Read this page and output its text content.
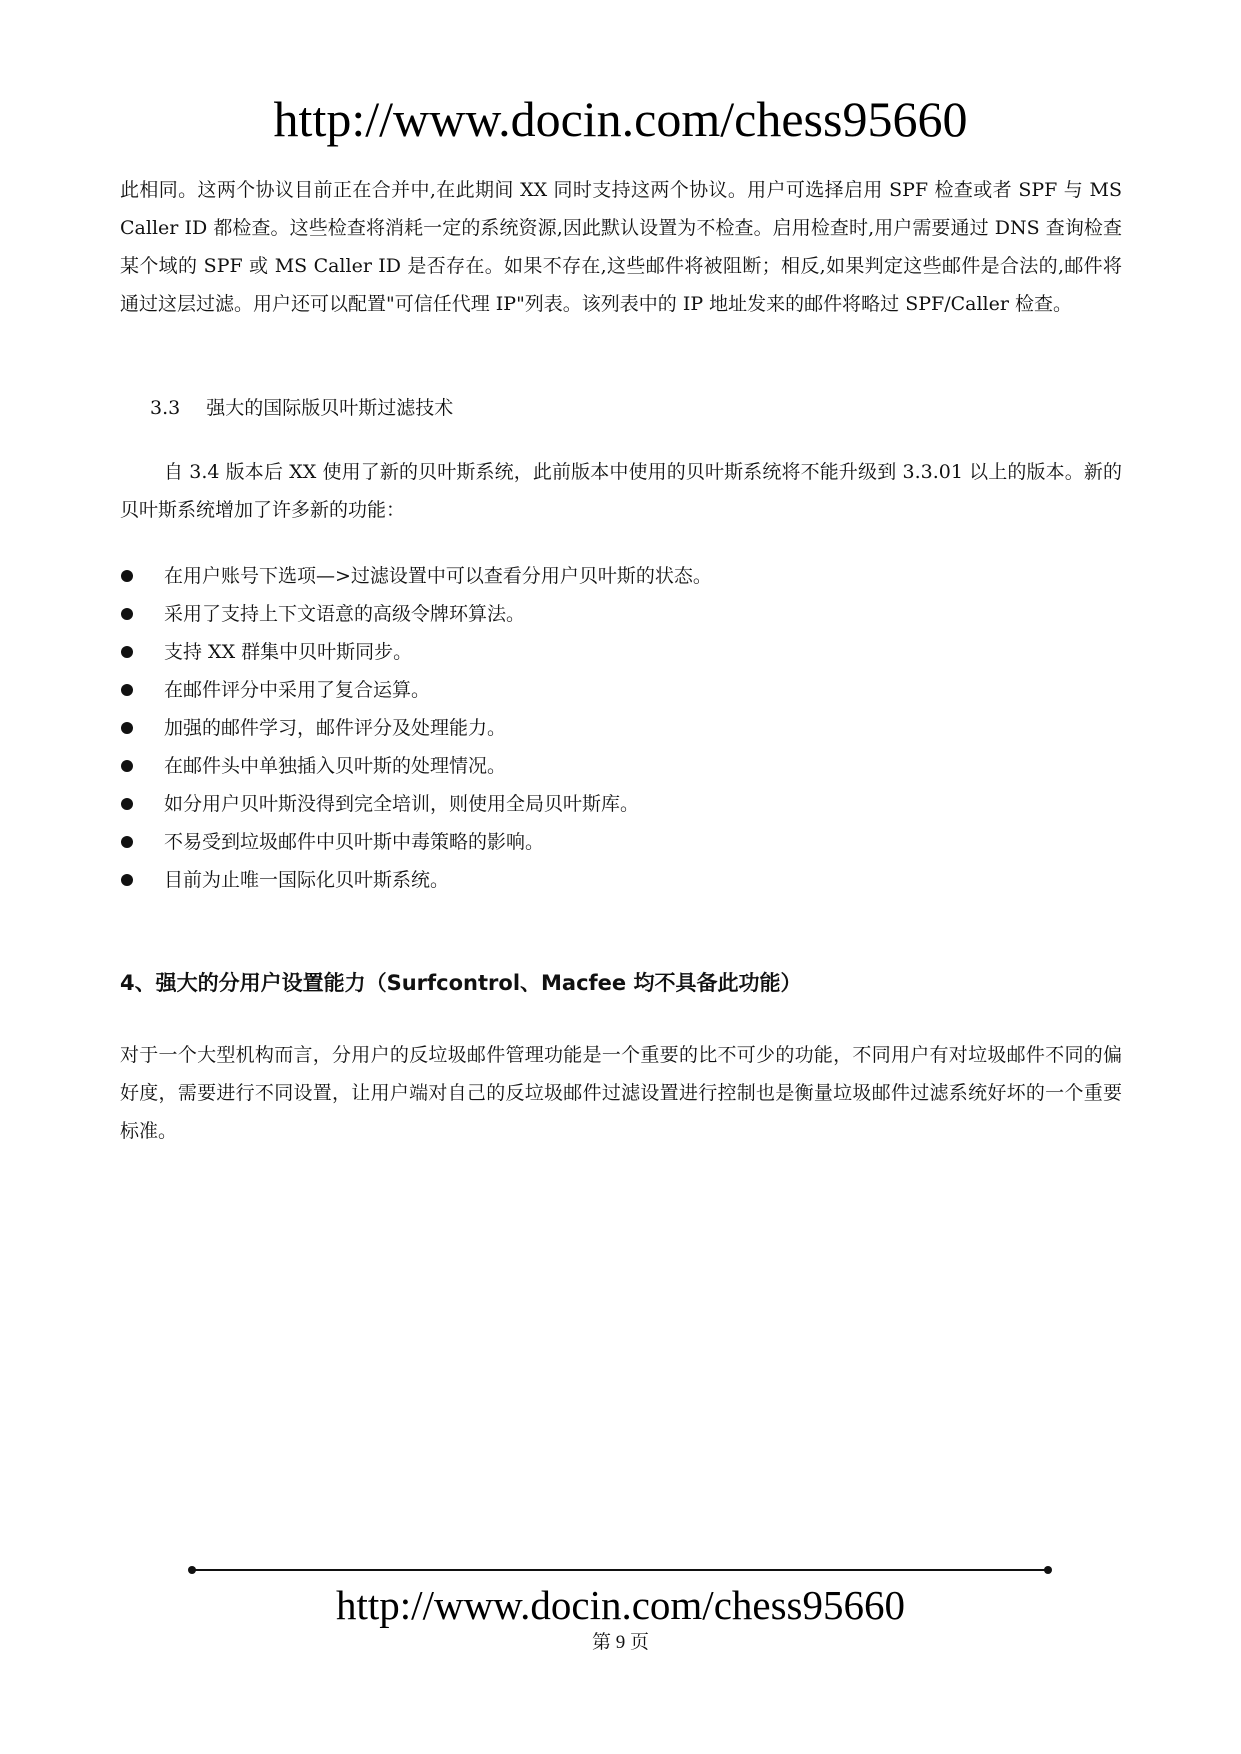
http://www.docin.com/chess95660

此相同。这两个协议目前正在合并中,在此期间 XX 同时支持这两个协议。用户可选择启用 SPF 检查或者 SPF 与 MS Caller ID 都检查。这些检查将消耗一定的系统资源,因此默认设置为不检查。启用检查时,用户需要通过 DNS 查询检查某个域的 SPF 或 MS Caller ID 是否存在。如果不存在,这些邮件将被阻断；相反,如果判定这些邮件是合法的,邮件将通过这层过滤。用户还可以配置"可信任代理 IP"列表。该列表中的 IP 地址发来的邮件将略过 SPF/Caller 检查。

3.3 强大的国际版贝叶斯过滤技术

自 3.4 版本后 XX 使用了新的贝叶斯系统，此前版本中使用的贝叶斯系统将不能升级到 3.3.01 以上的版本。新的贝叶斯系统增加了许多新的功能：

在用户账号下选项—>过滤设置中可以查看分用户贝叶斯的状态。
采用了支持上下文语意的高级令牌环算法。
支持 XX 群集中贝叶斯同步。
在邮件评分中采用了复合运算。
加强的邮件学习，邮件评分及处理能力。
在邮件头中单独插入贝叶斯的处理情况。
如分用户贝叶斯没得到完全培训，则使用全局贝叶斯库。
不易受到垃圾邮件中贝叶斯中毒策略的影响。
目前为止唯一国际化贝叶斯系统。
4、强大的分用户设置能力（Surfcontrol、Macfee 均不具备此功能）

对于一个大型机构而言，分用户的反垃圾邮件管理功能是一个重要的比不可少的功能，不同用户有对垃圾邮件不同的偏好度，需要进行不同设置，让用户端对自己的反垃圾邮件过滤设置进行控制也是衡量垃圾邮件过滤系统好坏的一个重要标准。

http://www.docin.com/chess95660
第 9 页
